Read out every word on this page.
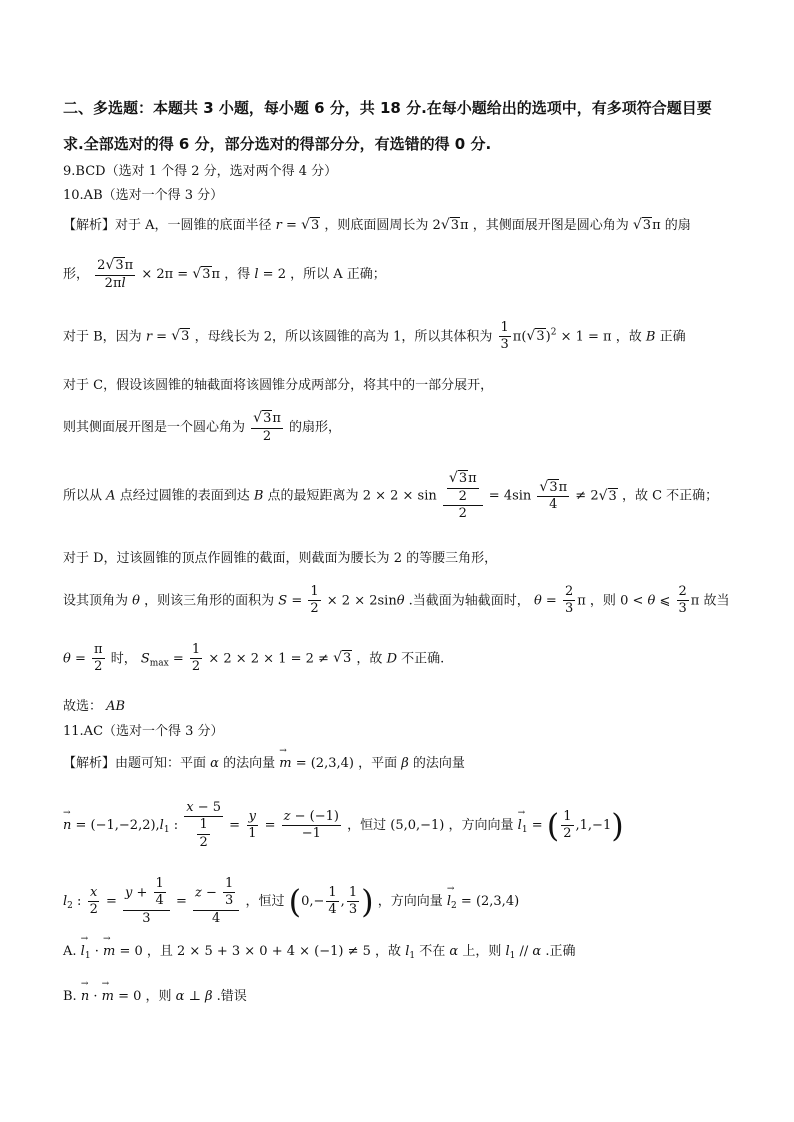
二、多选题：本题共 3 小题，每小题 6 分，共 18 分.在每小题给出的选项中，有多项符合题目要
求.全部选对的得 6 分，部分选对的得部分分，有选错的得 0 分.
9.BCD（选对 1 个得 2 分，选对两个得 4 分）
10.AB（选对一个得 3 分）
【解析】对于 A，一圆锥的底面半径 r = √ 3 ，则底面圆周长为 2 √ 3 π ，其侧面展开图是圆心角为 √ 3 π 的扇
形， $\frac{2 √ 3 \pi}{2\pi l} \times 2\pi$ = √ 3 π ，得 l = 2 ，所以 A 正确；
对于 B，因为 r = √ 3 ，母线长为 2，所以该圆锥的高为 1，所以其体积为 $\frac{1}{3} \pi$( √ 3 )$^2$ × 1 = π ，故 B 正确
对于 C，假设该圆锥的轴截面将该圆锥分成两部分，将其中的一部分展开，
则其侧面展开图是一个圆心角为 $\frac{√ 3 \pi}{2}$ 的扇形，
所以从 A 点经过圆锥的表面到达 B 点的最短距离为 $2 \times 2 \times \sin \frac{\frac{√ 3 \pi}{2}}{2} = 4\sin \frac{√ 3 \pi}{4} \ne 2$ √ 3 ，故 C 不正确；
对于 D，过该圆锥的顶点作圆锥的截面，则截面为腰长为 2 的等腰三角形，
设其顶角为 θ ，则该三角形的面积为 $S = \frac{1}{2} \times 2 \times 2\sin\theta$ .当截面为轴截面时， $\theta = \frac{2}{3}$ π ，则 0 < θ ⩽ $\frac{2}{3}$ π 故当
$\theta = \frac{\pi}{2}$ 时， $S_{max} = \frac{1}{2} \times 2 \times 2 \times 1 = 2$ ≠ √ 3 ，故 D 不正确.
故选： AB
11.AC（选对一个得 3 分）
【解析】由题可知：平面 α 的法向量 → m = (2,3,4) ，平面 β 的法向量
→ $n = (-1,-2,2),l_1$ : $\frac{x - 5}{\frac{1}{2}} = \frac{y}{1} = \frac{z - (-1)}{-1}$ ，恒过 (5,0,−1) ，方向向量 → $l_1$ = ( $\frac{1}{2} ,1,-1$)
$l_2$ : $\frac{x}{2} = \frac{y + \frac{1}{4}}{3} = \frac{z - \frac{1}{3}}{4}$ ，恒过 ($0,- \frac{1}{4}$ , $\frac{1}{3}$ ) ，方向向量 → $l_2 = (2,3,4)$
A. → $l_1$ · → m = 0 ，且 2 × 5 + 3 × 0 + 4 × (−1) ≠ 5 ，故 $l_1$ 不在 α 上，则 $l_1$ // α .正确
B. → n · → m = 0 ，则 α ⊥ β .错误
